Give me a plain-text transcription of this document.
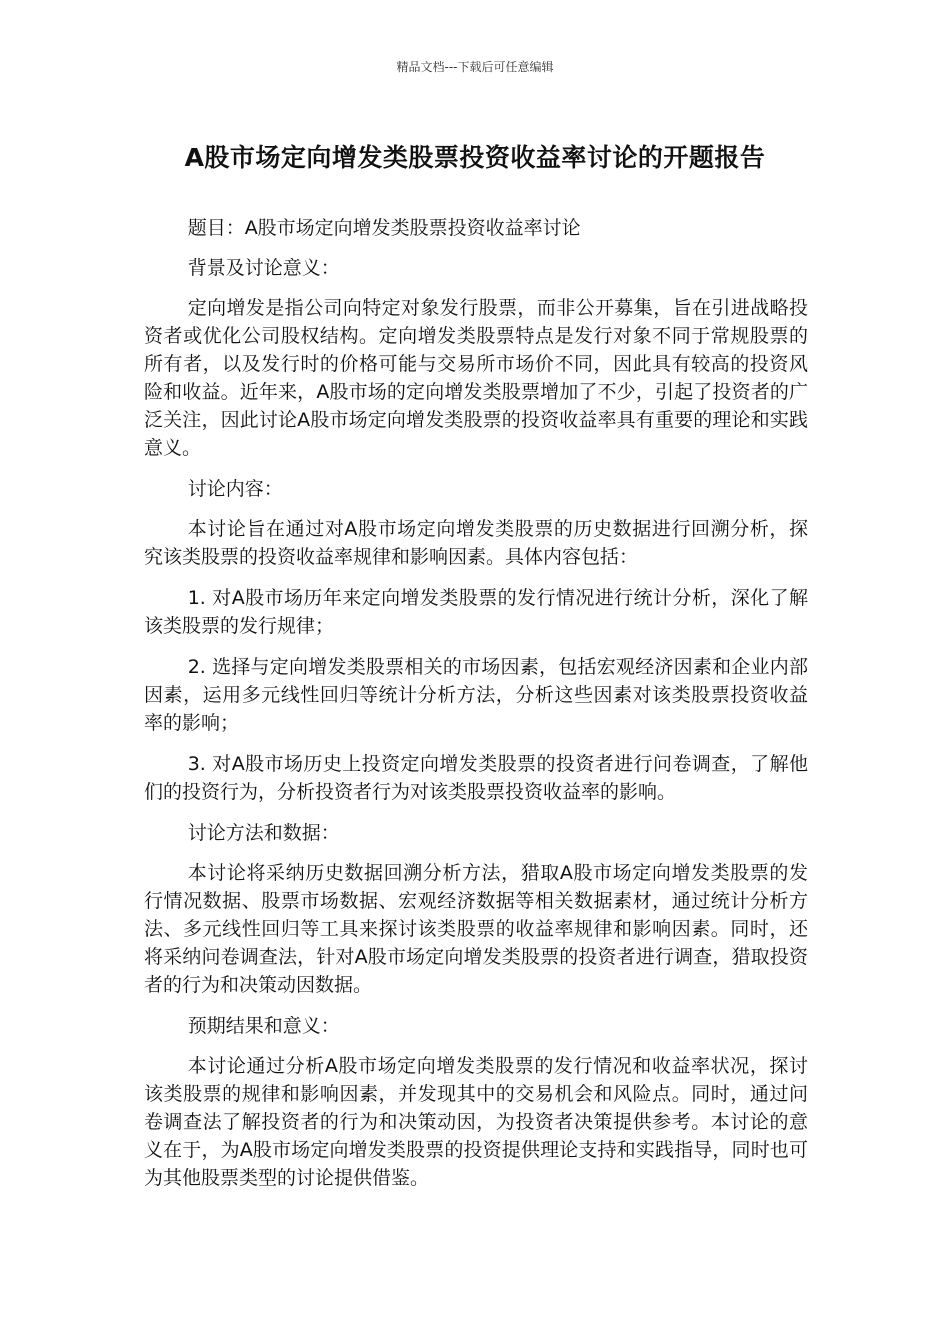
精品文档---下载后可任意编辑
A股市场定向增发类股票投资收益率讨论的开题报告

题目：A股市场定向增发类股票投资收益率讨论

背景及讨论意义：

定向增发是指公司向特定对象发行股票，而非公开募集，旨在引进战略投资者或优化公司股权结构。定向增发类股票特点是发行对象不同于常规股票的所有者，以及发行时的价格可能与交易所市场价不同，因此具有较高的投资风险和收益。近年来，A股市场的定向增发类股票增加了不少，引起了投资者的广泛关注，因此讨论A股市场定向增发类股票的投资收益率具有重要的理论和实践意义。

讨论内容：

本讨论旨在通过对A股市场定向增发类股票的历史数据进行回溯分析，探究该类股票的投资收益率规律和影响因素。具体内容包括：

1. 对A股市场历年来定向增发类股票的发行情况进行统计分析，深化了解该类股票的发行规律；

2. 选择与定向增发类股票相关的市场因素，包括宏观经济因素和企业内部因素，运用多元线性回归等统计分析方法，分析这些因素对该类股票投资收益率的影响；

3. 对A股市场历史上投资定向增发类股票的投资者进行问卷调查，了解他们的投资行为，分析投资者行为对该类股票投资收益率的影响。

讨论方法和数据：

本讨论将采纳历史数据回溯分析方法，猎取A股市场定向增发类股票的发行情况数据、股票市场数据、宏观经济数据等相关数据素材，通过统计分析方法、多元线性回归等工具来探讨该类股票的收益率规律和影响因素。同时，还将采纳问卷调查法，针对A股市场定向增发类股票的投资者进行调查，猎取投资者的行为和决策动因数据。

预期结果和意义：

本讨论通过分析A股市场定向增发类股票的发行情况和收益率状况，探讨该类股票的规律和影响因素，并发现其中的交易机会和风险点。同时，通过问卷调查法了解投资者的行为和决策动因，为投资者决策提供参考。本讨论的意义在于，为A股市场定向增发类股票的投资提供理论支持和实践指导，同时也可为其他股票类型的讨论提供借鉴。
